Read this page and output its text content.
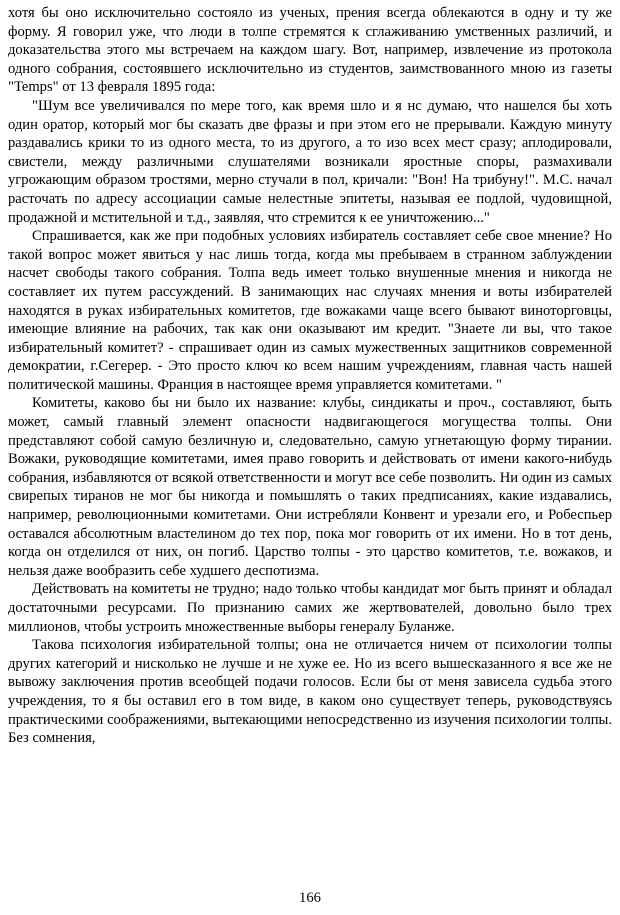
хотя бы оно исключительно состояло из ученых, прения всегда облекаются в одну и ту же форму. Я говорил уже, что люди в толпе стремятся к сглаживанию умственных различий, и доказательства этого мы встречаем на каждом шагу. Вот, например, извлечение из протокола одного собрания, состоявшего исключительно из студентов, заимствованного мною из газеты "Temps" от 13 февраля 1895 года:

"Шум все увеличивался по мере того, как время шло и я нс думаю, что нашелся бы хоть один оратор, который мог бы сказать две фразы и при этом его не прерывали. Каждую минуту раздавались крики то из одного места, то из другого, а то изо всех мест сразу; аплодировали, свистели, между различными слушателями возникали яростные споры, размахивали угрожающим образом тростями, мерно стучали в пол, кричали: "Вон! На трибуну!". М.С. начал расточать по адресу ассоциации самые нелестные эпитеты, называя ее подлой, чудовищной, продажной и мстительной и т.д., заявляя, что стремится к ее уничтожению..."

Спрашивается, как же при подобных условиях избиратель составляет себе свое мнение? Но такой вопрос может явиться у нас лишь тогда, когда мы пребываем в странном заблуждении насчет свободы такого собрания. Толпа ведь имеет только внушенные мнения и никогда не составляет их путем рассуждений. В занимающих нас случаях мнения и воты избирателей находятся в руках избирательных комитетов, где вожаками чаще всего бывают виноторговцы, имеющие влияние на рабочих, так как они оказывают им кредит. "Знаете ли вы, что такое избирательный комитет? - спрашивает один из самых мужественных защитников современной демократии, г.Сегерер. - Это просто ключ ко всем нашим учреждениям, главная часть нашей политической машины. Франция в настоящее время управляется комитетами. "

Комитеты, каково бы ни было их название: клубы, синдикаты и проч., составляют, быть может, самый главный элемент опасности надвигающегося могущества толпы. Они представляют собой самую безличную и, следовательно, самую угнетающую форму тирании. Вожаки, руководящие комитетами, имея право говорить и действовать от имени какого-нибудь собрания, избавляются от всякой ответственности и могут все себе позволить. Ни один из самых свирепых тиранов не мог бы никогда и помышлять о таких предписаниях, какие издавались, например, революционными комитетами. Они истребляли Конвент и урезали его, и Робеспьер оставался абсолютным властелином до тех пор, пока мог говорить от их имени. Но в тот день, когда он отделился от них, он погиб. Царство толпы - это царство комитетов, т.е. вожаков, и нельзя даже вообразить себе худшего деспотизма.

Действовать на комитеты не трудно; надо только чтобы кандидат мог быть принят и обладал достаточными ресурсами. По признанию самих же жертвователей, довольно было трех миллионов, чтобы устроить множественные выборы генералу Буланже.

Такова психология избирательной толпы; она не отличается ничем от психологии толпы других категорий и нисколько не лучше и не хуже ее. Но из всего вышесказанного я все же не вывожу заключения против всеобщей подачи голосов. Если бы от меня зависела судьба этого учреждения, то я бы оставил его в том виде, в каком оно существует теперь, руководствуясь практическими соображениями, вытекающими непосредственно из изучения психологии толпы. Без сомнения,

166
